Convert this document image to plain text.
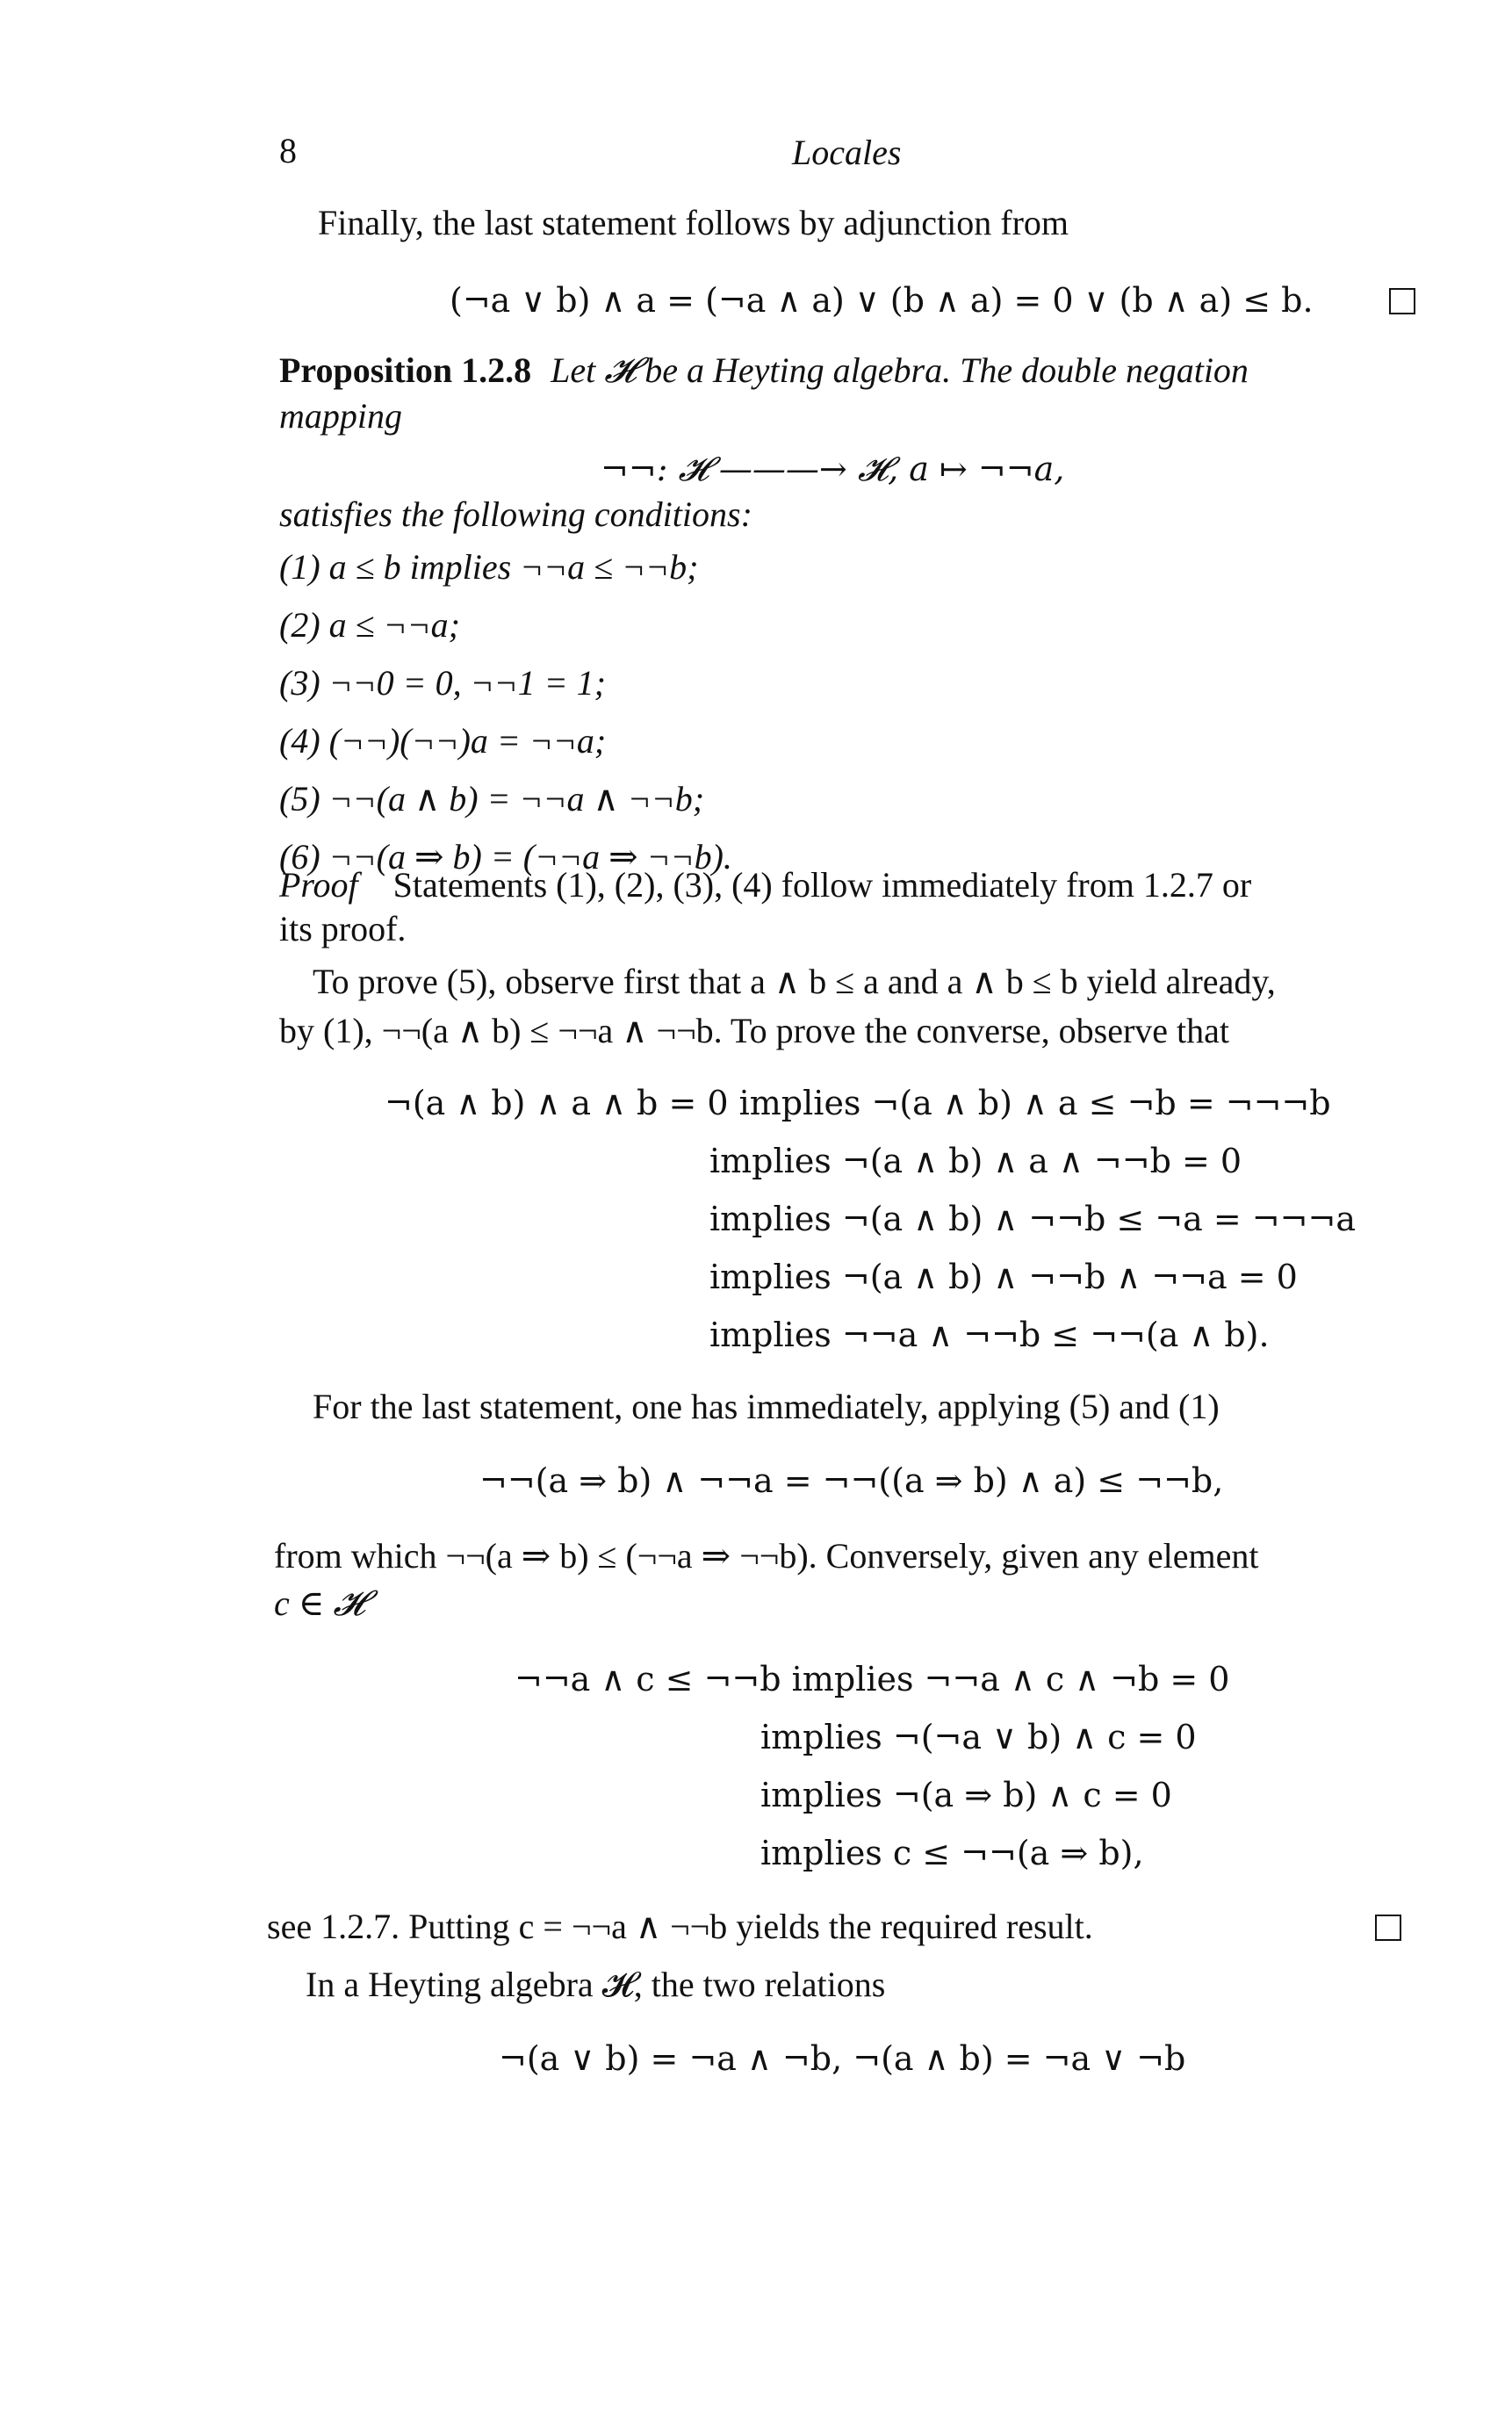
8	Locales
Finally, the last statement follows by adjunction from
(¬a ∨ b) ∧ a = (¬a ∧ a) ∨ (b ∧ a) = 0 ∨ (b ∧ a) ≤ b.
Proposition 1.2.8 Let 𝓗 be a Heyting algebra. The double negation
mapping
¬¬: 𝓗 ———→ 𝓗, a ↦ ¬¬a,
satisfies the following conditions:
(1) a ≤ b implies ¬¬a ≤ ¬¬b;
(2) a ≤ ¬¬a;
(3) ¬¬0 = 0, ¬¬1 = 1;
(4) (¬¬)(¬¬)a = ¬¬a;
(5) ¬¬(a ∧ b) = ¬¬a ∧ ¬¬b;
(6) ¬¬(a ⇒ b) = (¬¬a ⇒ ¬¬b).
Proof Statements (1), (2), (3), (4) follow immediately from 1.2.7 or
its proof.
To prove (5), observe first that a ∧ b ≤ a and a ∧ b ≤ b yield already,
by (1), ¬¬(a ∧ b) ≤ ¬¬a ∧ ¬¬b. To prove the converse, observe that
¬(a ∧ b) ∧ a ∧ b = 0 implies ¬(a ∧ b) ∧ a ≤ ¬b = ¬¬¬b
implies ¬(a ∧ b) ∧ a ∧ ¬¬b = 0
implies ¬(a ∧ b) ∧ ¬¬b ≤ ¬a = ¬¬¬a
implies ¬(a ∧ b) ∧ ¬¬b ∧ ¬¬a = 0
implies ¬¬a ∧ ¬¬b ≤ ¬¬(a ∧ b).
For the last statement, one has immediately, applying (5) and (1)
¬¬(a ⇒ b) ∧ ¬¬a = ¬¬((a ⇒ b) ∧ a) ≤ ¬¬b,
from which ¬¬(a ⇒ b) ≤ (¬¬a ⇒ ¬¬b). Conversely, given any element
c ∈ 𝓗
¬¬a ∧ c ≤ ¬¬b implies ¬¬a ∧ c ∧ ¬b = 0
implies ¬(¬a ∨ b) ∧ c = 0
implies ¬(a ⇒ b) ∧ c = 0
implies c ≤ ¬¬(a ⇒ b),
see 1.2.7. Putting c = ¬¬a ∧ ¬¬b yields the required result.
In a Heyting algebra 𝓗, the two relations
¬(a ∨ b) = ¬a ∧ ¬b, ¬(a ∧ b) = ¬a ∨ ¬b
